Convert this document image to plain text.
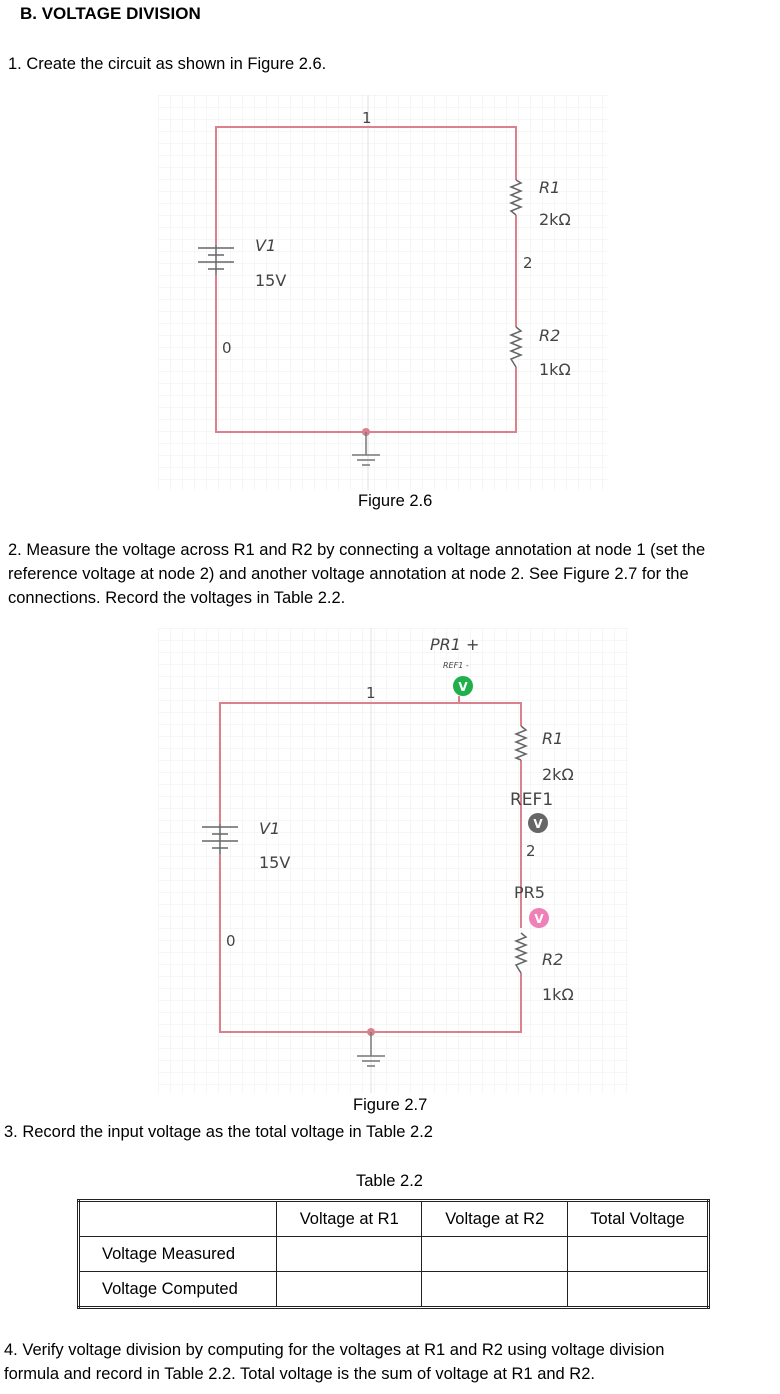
B. VOLTAGE DIVISION
1. Create the circuit as shown in Figure 2.6.
1
2
0
V1
15V
R1
2kΩ
R2
1kΩ
Figure 2.6
2. Measure the voltage across R1 and R2 by connecting a voltage annotation at node 1 (set the
reference voltage at node 2) and another voltage annotation at node 2. See Figure 2.7 for the
connections. Record the voltages in Table 2.2.
V
V
V
PR1 +
REF1 -
1
R1
2kΩ
REF1
2
PR5
V1
15V
0
R2
1kΩ
Figure 2.7
3. Record the input voltage as the total voltage in Table 2.2
Table 2.2
	Voltage at R1	Voltage at R2	Total Voltage
Voltage Measured			
Voltage Computed			
4. Verify voltage division by computing for the voltages at R1 and R2 using voltage division
formula and record in Table 2.2. Total voltage is the sum of voltage at R1 and R2.
